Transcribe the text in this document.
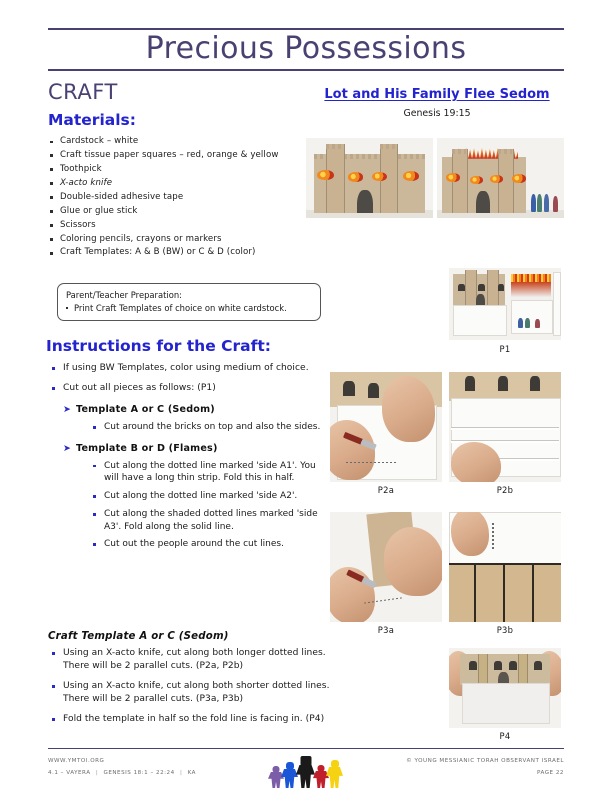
Precious Possessions
CRAFT
Materials:
Cardstock – white
Craft tissue paper squares – red, orange & yellow
Toothpick
X-acto knife
Double-sided adhesive tape
Glue or glue stick
Scissors
Coloring pencils, crayons or markers
Craft Templates: A & B (BW) or C & D (color)
Parent/Teacher Preparation:
Print Craft Templates of choice on white cardstock.
Instructions for the Craft:
If using BW Templates, color using medium of choice.
Cut out all pieces as follows: (P1)
➤ Template A or C (Sedom)
Cut around the bricks on top and also the sides.
➤ Template B or D (Flames)
Cut along the dotted line marked 'side A1'. You will have a long thin strip. Fold this in half.
Cut along the dotted line marked 'side A2'.
Cut along the shaded dotted lines marked 'side A3'. Fold along the solid line.
Cut out the people around the cut lines.
Craft Template A or C (Sedom)
Using an X-acto knife, cut along both longer dotted lines. There will be 2 parallel cuts. (P2a, P2b)
Using an X-acto knife, cut along both shorter dotted lines. There will be 2 parallel cuts. (P3a, P3b)
Fold the template in half so the fold line is facing in. (P4)
Lot and His Family Flee Sedom
Genesis 19:15
P1
P2a	P2b
P3a	P3b
P4
WWW.YMTOI.ORG
4.1 – VAYERA | GENESIS 18:1 – 22:24 | KA
© YOUNG MESSIANIC TORAH OBSERVANT ISRAEL
PAGE 22
